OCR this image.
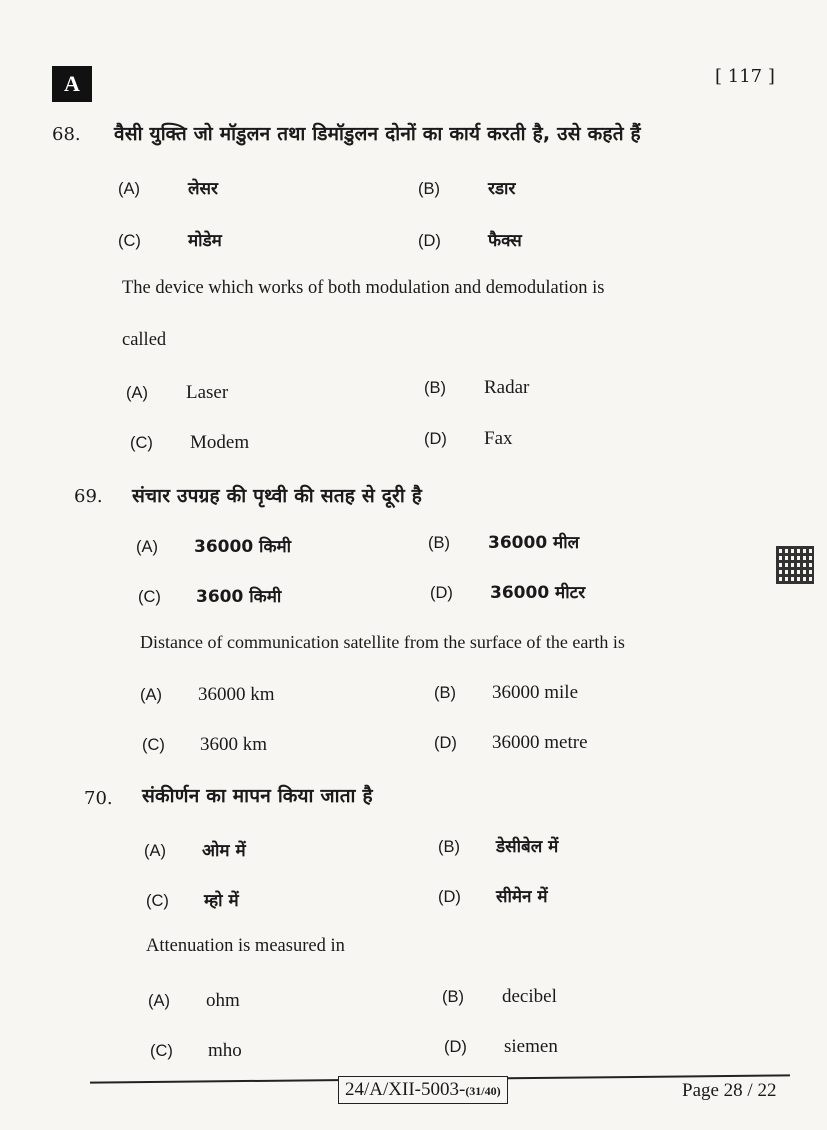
A	[ 117 ]
68. वैसी युक्ति जो मॉडुलन तथा डिमॉडुलन दोनों का कार्य करती है, उसे कहते हैं
(A)	लेसर	(B)	रडार
(C)	मोडेम	(D)	फैक्स
The device which works of both modulation and demodulation is
called
(A) Laser	(B) Radar
(C) Modem	(D) Fax
69. संचार उपग्रह की पृथ्वी की सतह से दूरी है
(A) 36000 किमी	(B) 36000 मील
(C) 3600 किमी	(D) 36000 मीटर
Distance of communication satellite from the surface of the earth is
(A) 36000 km	(B) 36000 mile
(C) 3600 km	(D) 36000 metre
70. संकीर्णन का मापन किया जाता है
(A) ओम में	(B) डेसीबेल में
(C) म्हो में	(D) सीमेन में
Attenuation is measured in
(A) ohm	(B) decibel
(C) mho	(D) siemen
24/A/XII-5003-(31/40)	Page 28 / 22
